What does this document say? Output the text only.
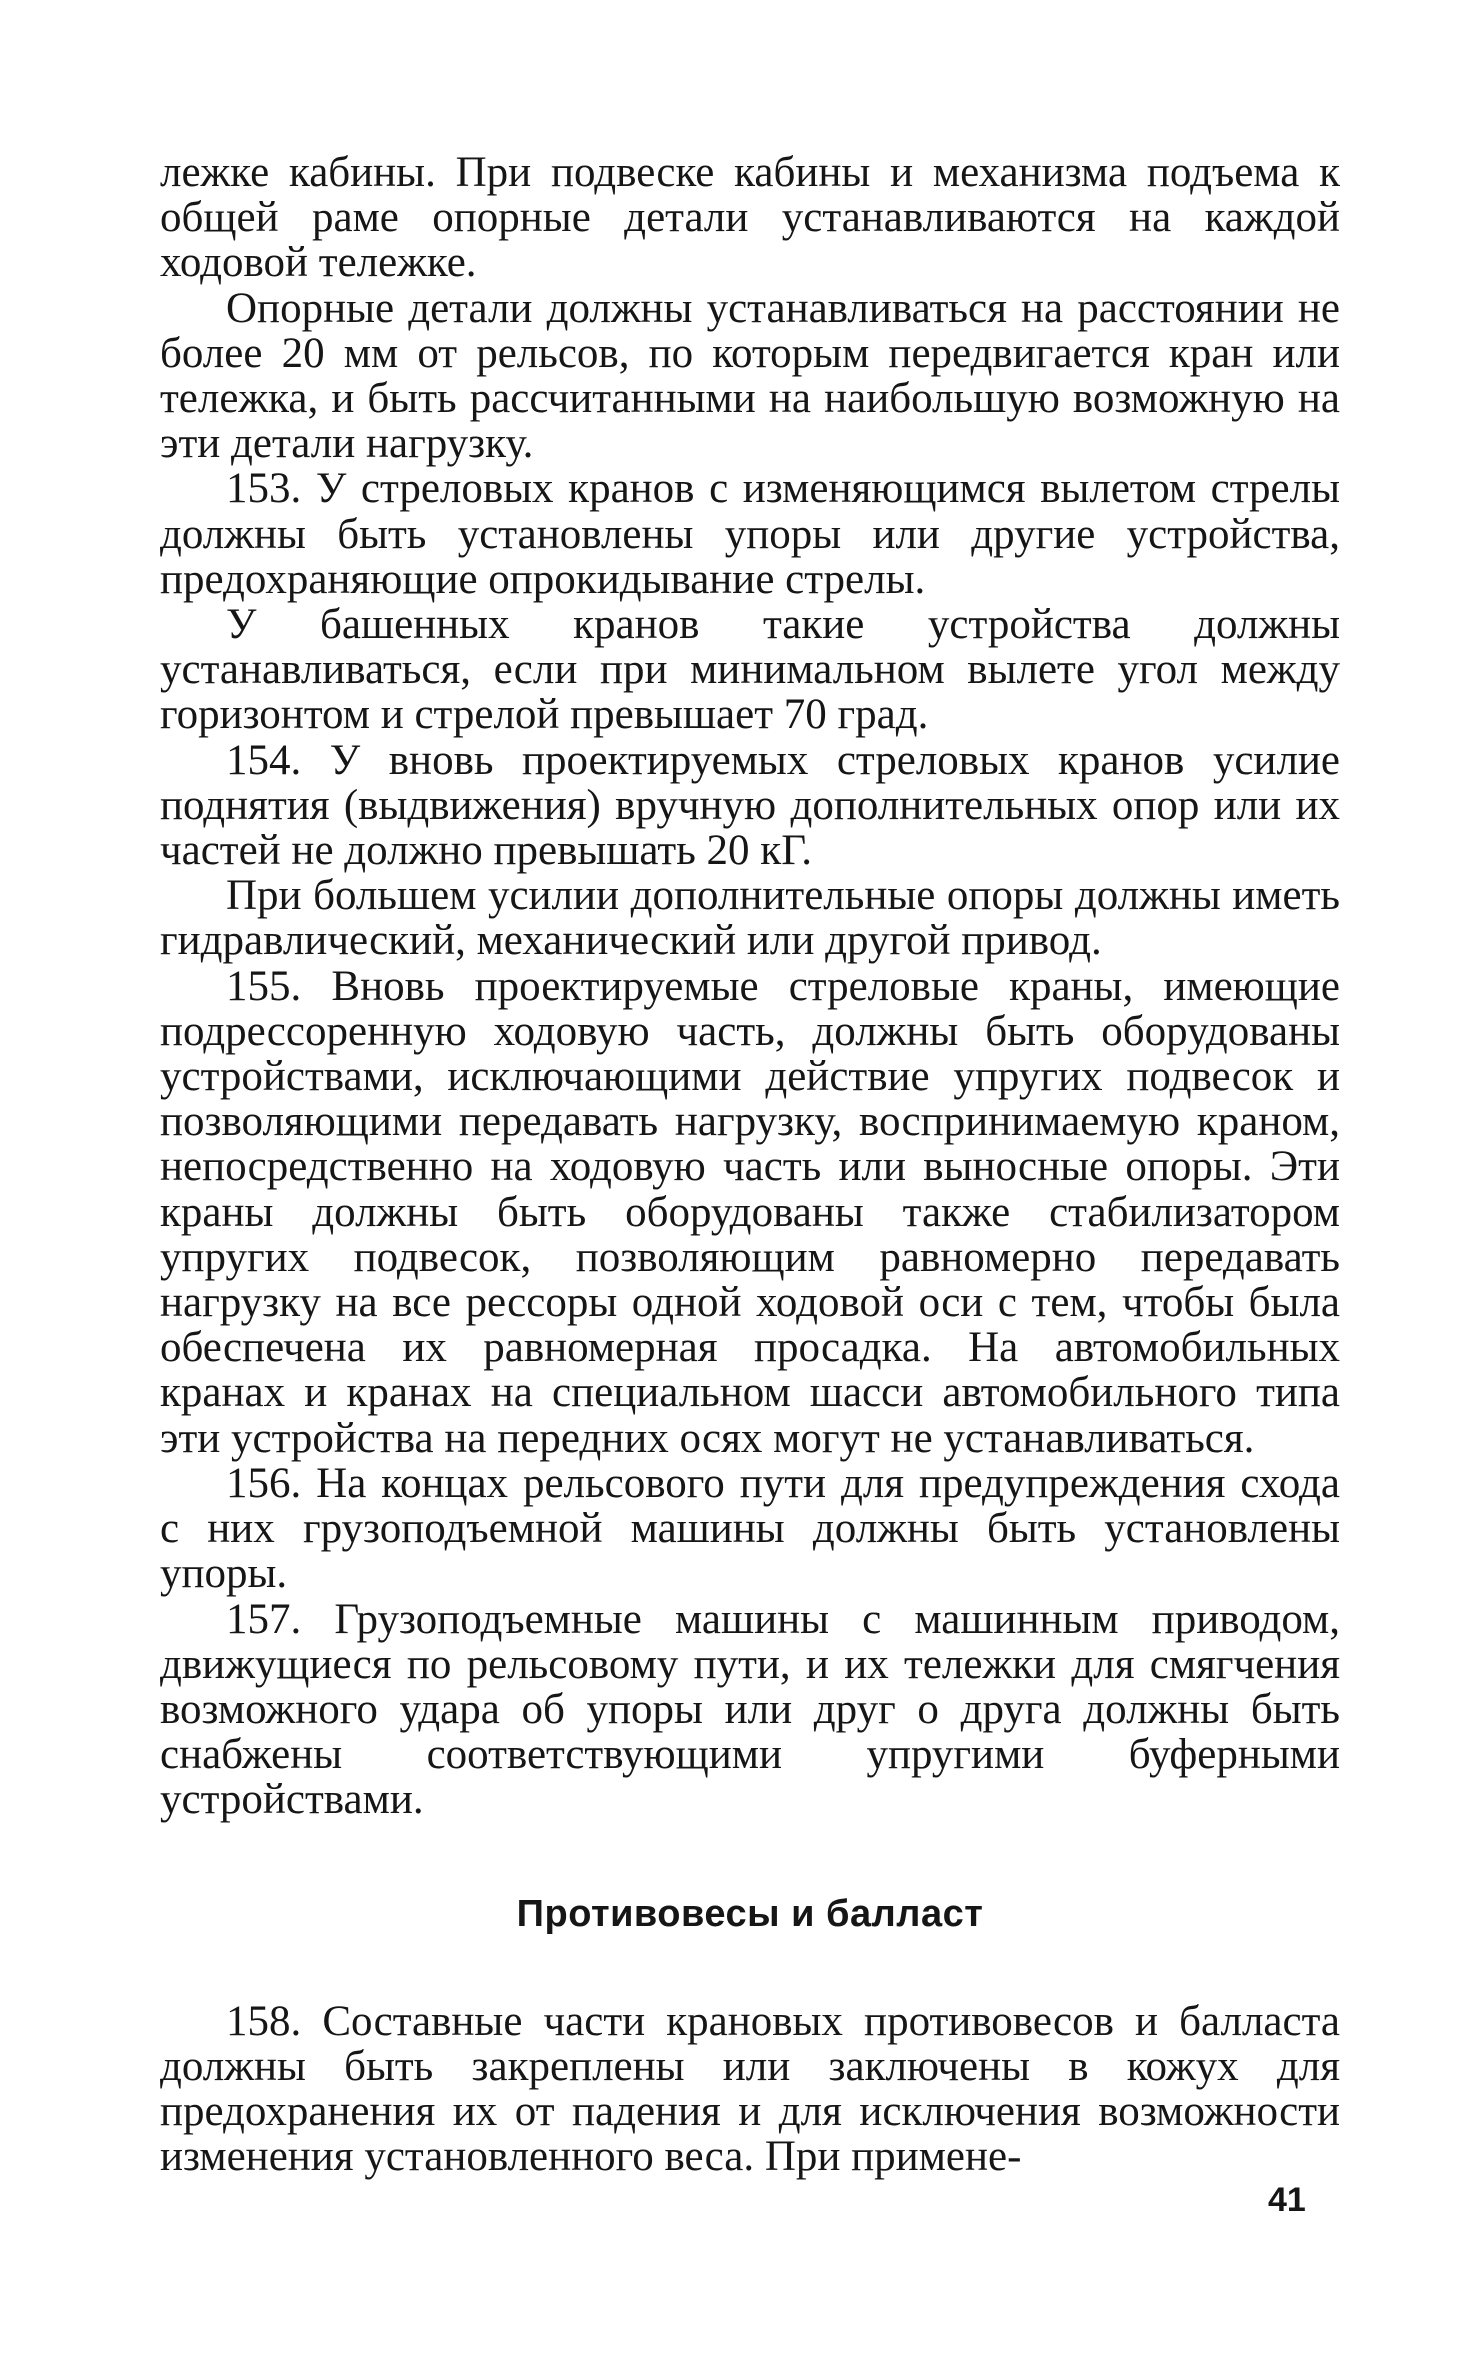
лежке кабины. При подвеске кабины и механизма подъема к общей раме опорные детали устанавливаются на каждой ходовой тележке.

Опорные детали должны устанавливаться на расстоянии не более 20 мм от рельсов, по которым передвигается кран или тележка, и быть рассчитанными на наибольшую возможную на эти детали нагрузку.

153. У стреловых кранов с изменяющимся вылетом стрелы должны быть установлены упоры или другие устройства, предохраняющие опрокидывание стрелы.

У башенных кранов такие устройства должны устанавливаться, если при минимальном вылете угол между горизонтом и стрелой превышает 70 град.

154. У вновь проектируемых стреловых кранов усилие поднятия (выдвижения) вручную дополнительных опор или их частей не должно превышать 20 кГ.

При большем усилии дополнительные опоры должны иметь гидравлический, механический или другой привод.

155. Вновь проектируемые стреловые краны, имеющие подрессоренную ходовую часть, должны быть оборудованы устройствами, исключающими действие упругих подвесок и позволяющими передавать нагрузку, воспринимаемую краном, непосредственно на ходовую часть или выносные опоры. Эти краны должны быть оборудованы также стабилизатором упругих подвесок, позволяющим равномерно передавать нагрузку на все рессоры одной ходовой оси с тем, чтобы была обеспечена их равномерная просадка. На автомобильных кранах и кранах на специальном шасси автомобильного типа эти устройства на передних осях могут не устанавливаться.

156. На концах рельсового пути для предупреждения схода с них грузоподъемной машины должны быть установлены упоры.

157. Грузоподъемные машины с машинным приводом, движущиеся по рельсовому пути, и их тележки для смягчения возможного удара об упоры или друг о друга должны быть снабжены соответствующими упругими буферными устройствами.

Противовесы и балласт

158. Составные части крановых противовесов и балласта должны быть закреплены или заключены в кожух для предохранения их от падения и для исключения возможности изменения установленного веса. При примене-

41
